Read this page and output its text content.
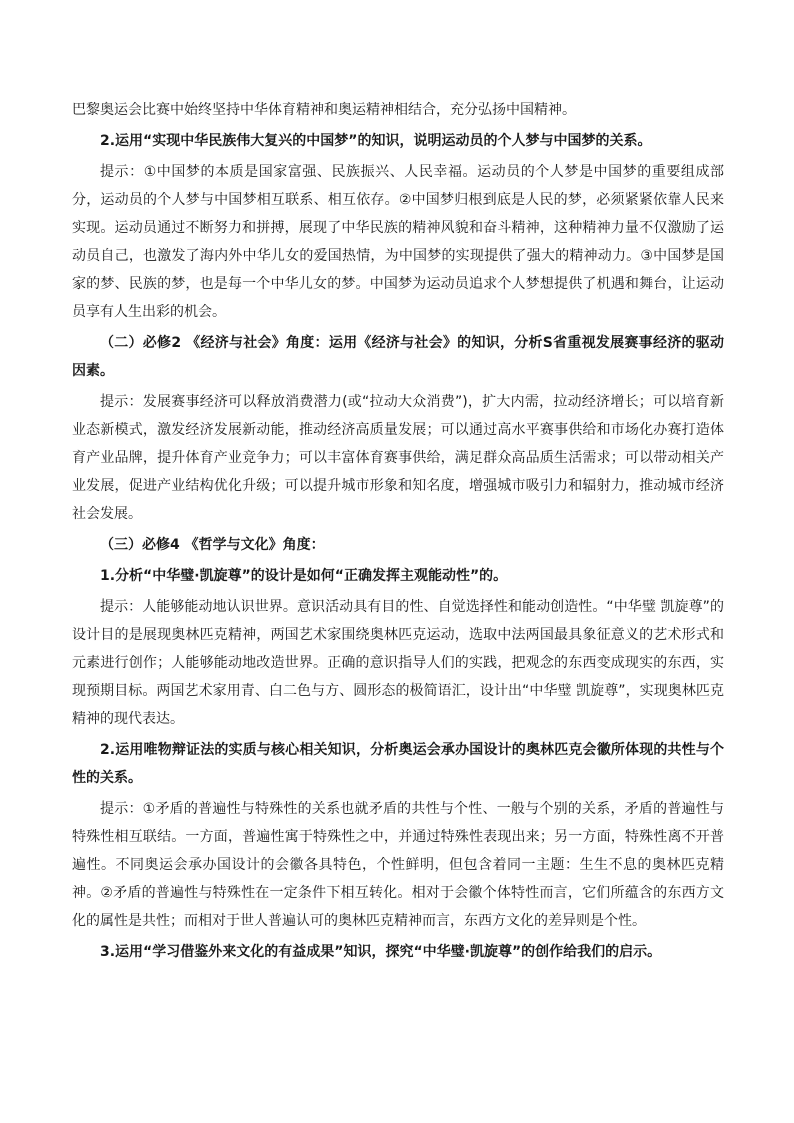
巴黎奥运会比赛中始终坚持中华体育精神和奥运精神相结合，充分弘扬中国精神。

2.运用“实现中华民族伟大复兴的中国梦”的知识，说明运动员的个人梦与中国梦的关系。

提示：①中国梦的本质是国家富强、民族振兴、人民幸福。运动员的个人梦是中国梦的重要组成部分，运动员的个人梦与中国梦相互联系、相互依存。②中国梦归根到底是人民的梦，必须紧紧依靠人民来实现。运动员通过不断努力和拼搏，展现了中华民族的精神风貌和奋斗精神，这种精神力量不仅激励了运动员自己，也激发了海内外中华儿女的爱国热情，为中国梦的实现提供了强大的精神动力。③中国梦是国家的梦、民族的梦，也是每一个中华儿女的梦。中国梦为运动员追求个人梦想提供了机遇和舞台，让运动员享有人生出彩的机会。

（二）必修2 《经济与社会》角度：运用《经济与社会》的知识，分析S省重视发展赛事经济的驱动因素。

提示：发展赛事经济可以释放消费潜力(或“拉动大众消费”)，扩大内需，拉动经济增长；可以培育新业态新模式，激发经济发展新动能，推动经济高质量发展；可以通过高水平赛事供给和市场化办赛打造体育产业品牌，提升体育产业竞争力；可以丰富体育赛事供给，满足群众高品质生活需求；可以带动相关产业发展，促进产业结构优化升级；可以提升城市形象和知名度，增强城市吸引力和辐射力，推动城市经济社会发展。

（三）必修4 《哲学与文化》角度：

1.分析“中华璧·凯旋尊”的设计是如何“正确发挥主观能动性”的。

提示：人能够能动地认识世界。意识活动具有目的性、自觉选择性和能动创造性。“中华璧 凯旋尊”的设计目的是展现奥林匹克精神，两国艺术家围绕奥林匹克运动，选取中法两国最具象征意义的艺术形式和元素进行创作；人能够能动地改造世界。正确的意识指导人们的实践，把观念的东西变成现实的东西，实现预期目标。两国艺术家用青、白二色与方、圆形态的极简语汇，设计出“中华璧 凯旋尊”，实现奥林匹克精神的现代表达。

2.运用唯物辩证法的实质与核心相关知识，分析奥运会承办国设计的奥林匹克会徽所体现的共性与个性的关系。

提示：①矛盾的普遍性与特殊性的关系也就矛盾的共性与个性、一般与个别的关系，矛盾的普遍性与特殊性相互联结。一方面，普遍性寓于特殊性之中，并通过特殊性表现出来；另一方面，特殊性离不开普遍性。不同奥运会承办国设计的会徽各具特色，个性鲜明，但包含着同一主题：生生不息的奥林匹克精神。②矛盾的普遍性与特殊性在一定条件下相互转化。相对于会徽个体特性而言，它们所蕴含的东西方文化的属性是共性；而相对于世人普遍认可的奥林匹克精神而言，东西方文化的差异则是个性。

3.运用“学习借鉴外来文化的有益成果”知识，探究“中华璧·凯旋尊”的创作给我们的启示。
